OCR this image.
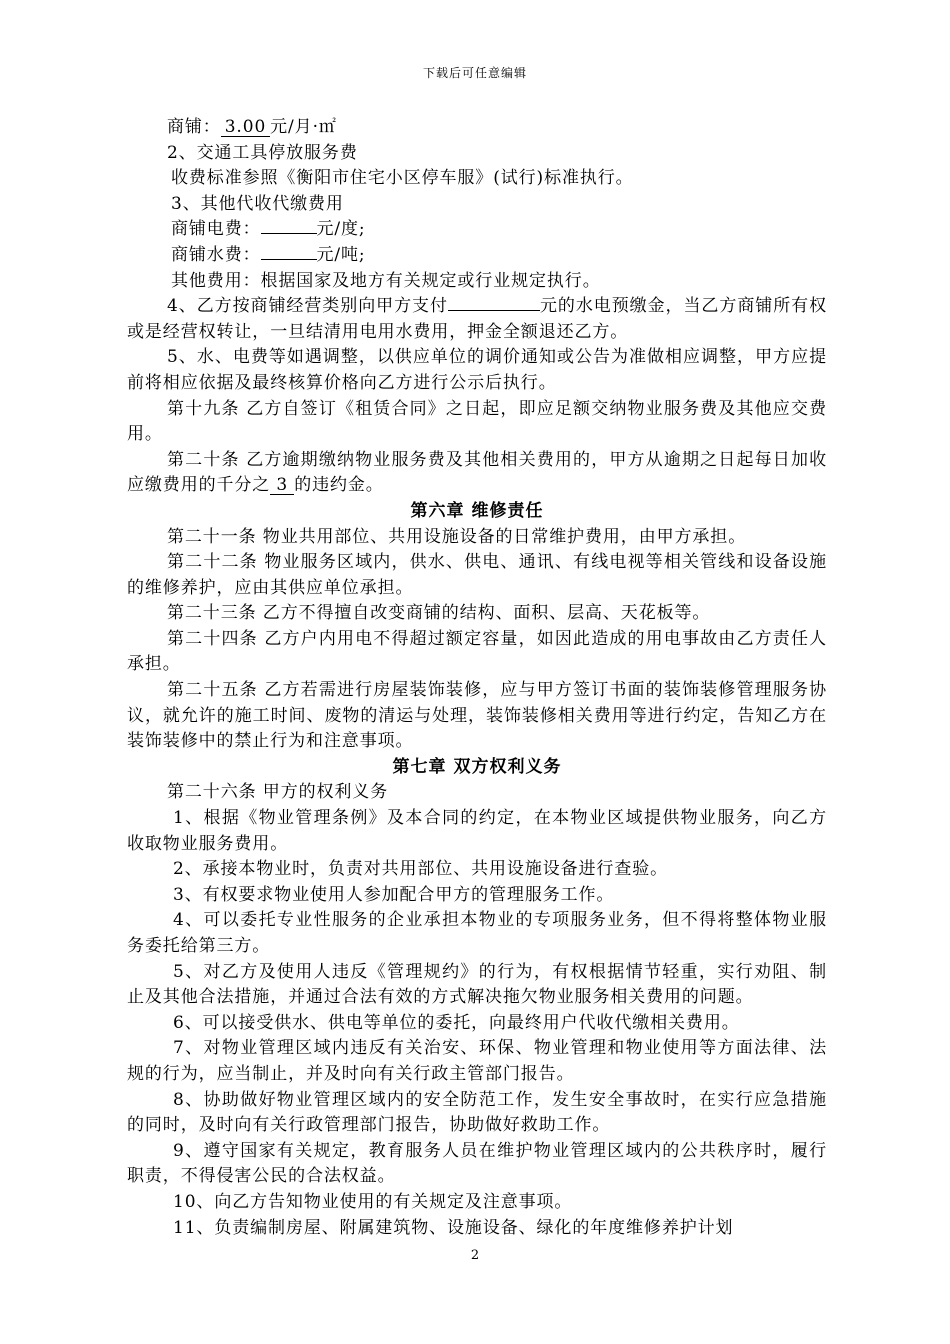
下载后可任意编辑

商铺： 3.00 元/月·㎡

2、交通工具停放服务费

收费标准参照《衡阳市住宅小区停车服》(试行)标准执行。

3、其他代收代缴费用

商铺电费：	元/度;

商铺水费：	元/吨;

其他费用：根据国家及地方有关规定或行业规定执行。

4、乙方按商铺经营类别向甲方支付	元的水电预缴金，当乙方商铺所有权或是经营权转让，一旦结清用电用水费用，押金全额退还乙方。

5、水、电费等如遇调整，以供应单位的调价通知或公告为准做相应调整，甲方应提前将相应依据及最终核算价格向乙方进行公示后执行。

第十九条 乙方自签订《租赁合同》之日起，即应足额交纳物业服务费及其他应交费用。

第二十条 乙方逾期缴纳物业服务费及其他相关费用的，甲方从逾期之日起每日加收应缴费用的千分之 3 的违约金。

第六章 维修责任

第二十一条 物业共用部位、共用设施设备的日常维护费用，由甲方承担。

第二十二条 物业服务区域内，供水、供电、通讯、有线电视等相关管线和设备设施的维修养护，应由其供应单位承担。

第二十三条 乙方不得擅自改变商铺的结构、面积、层高、天花板等。

第二十四条 乙方户内用电不得超过额定容量，如因此造成的用电事故由乙方责任人承担。

第二十五条 乙方若需进行房屋装饰装修，应与甲方签订书面的装饰装修管理服务协议，就允许的施工时间、废物的清运与处理，装饰装修相关费用等进行约定，告知乙方在装饰装修中的禁止行为和注意事项。

第七章 双方权利义务

第二十六条 甲方的权利义务

1、根据《物业管理条例》及本合同的约定，在本物业区域提供物业服务，向乙方收取物业服务费用。

2、承接本物业时，负责对共用部位、共用设施设备进行查验。

3、有权要求物业使用人参加配合甲方的管理服务工作。

4、可以委托专业性服务的企业承担本物业的专项服务业务，但不得将整体物业服务委托给第三方。

5、对乙方及使用人违反《管理规约》的行为，有权根据情节轻重，实行劝阻、制止及其他合法措施，并通过合法有效的方式解决拖欠物业服务相关费用的问题。

6、可以接受供水、供电等单位的委托，向最终用户代收代缴相关费用。

7、对物业管理区域内违反有关治安、环保、物业管理和物业使用等方面法律、法规的行为，应当制止，并及时向有关行政主管部门报告。

8、协助做好物业管理区域内的安全防范工作，发生安全事故时，在实行应急措施的同时，及时向有关行政管理部门报告，协助做好救助工作。

9、遵守国家有关规定，教育服务人员在维护物业管理区域内的公共秩序时，履行职责，不得侵害公民的合法权益。

10、向乙方告知物业使用的有关规定及注意事项。

11、负责编制房屋、附属建筑物、设施设备、绿化的年度维修养护计划

2
